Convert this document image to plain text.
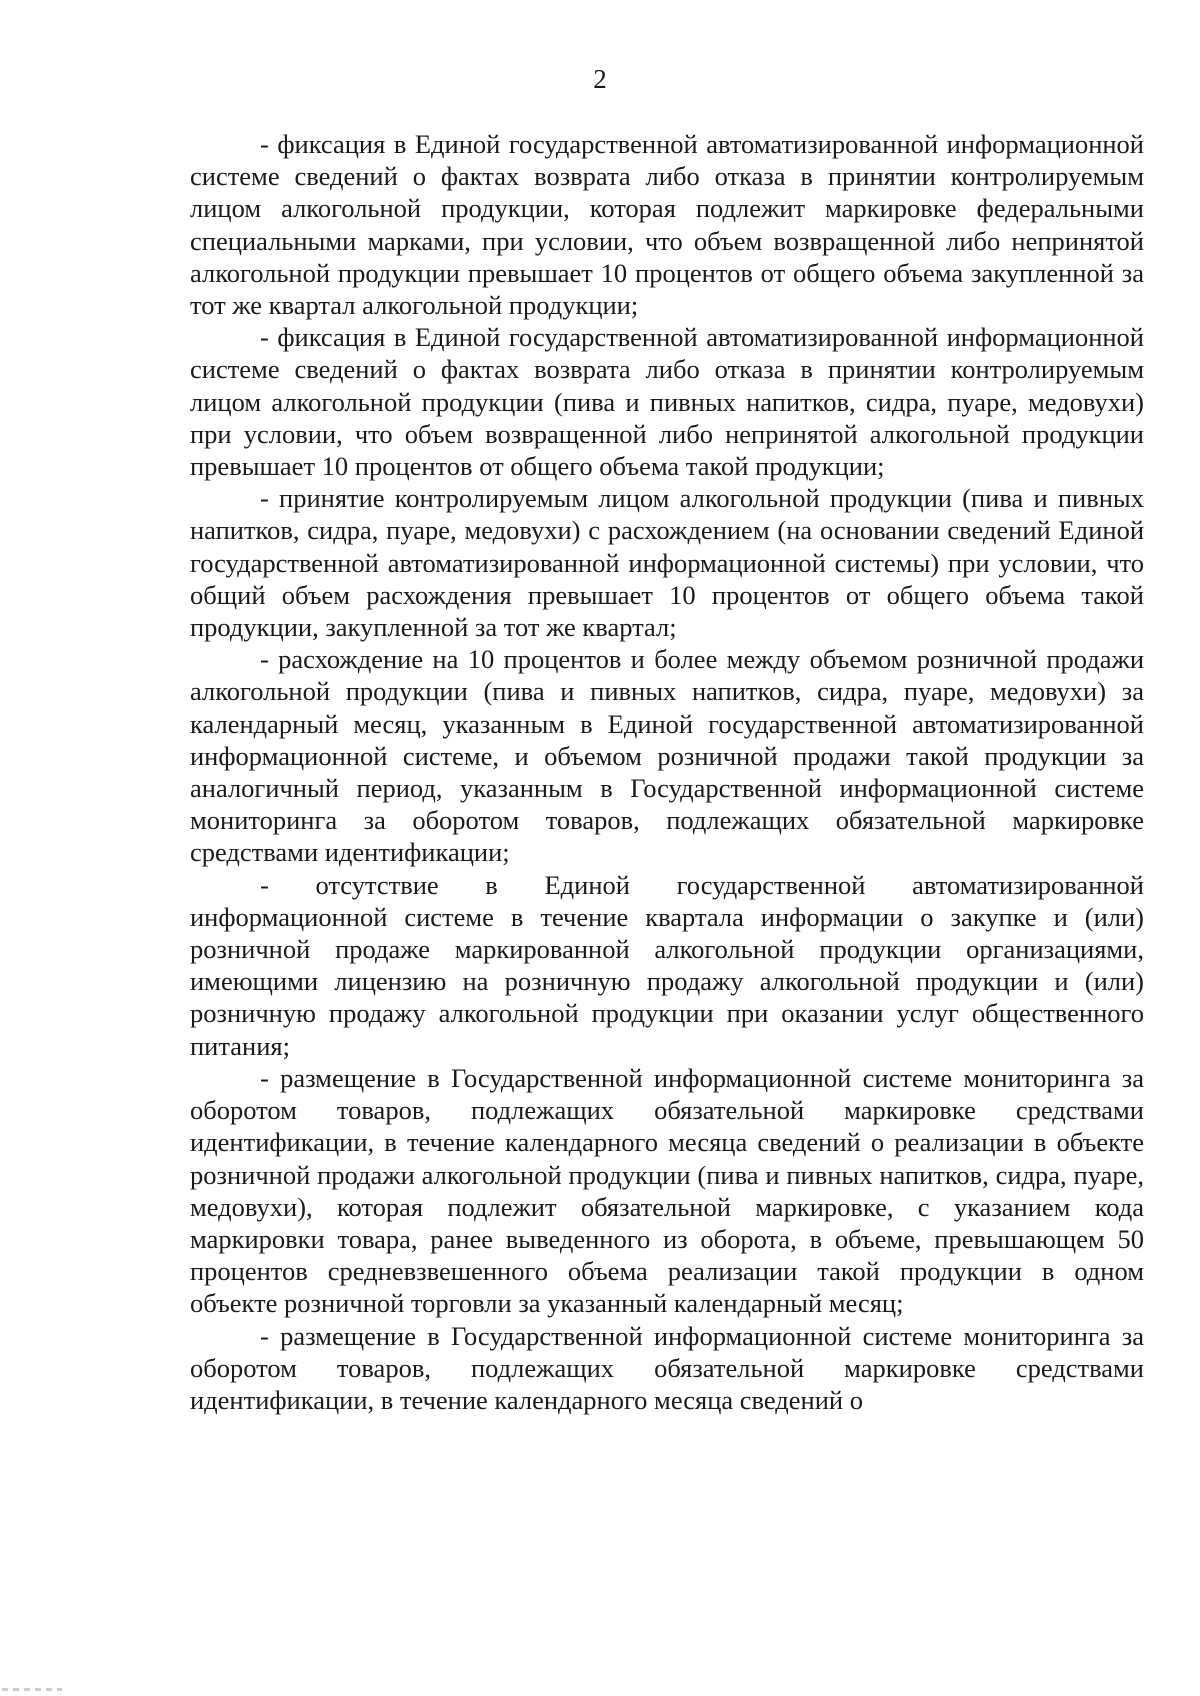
2

- фиксация в Единой государственной автоматизированной информационной системе сведений о фактах возврата либо отказа в принятии контролируемым лицом алкогольной продукции, которая подлежит маркировке федеральными специальными марками, при условии, что объем возвращенной либо непринятой алкогольной продукции превышает 10 процентов от общего объема закупленной за тот же квартал алкогольной продукции;

- фиксация в Единой государственной автоматизированной информационной системе сведений о фактах возврата либо отказа в принятии контролируемым лицом алкогольной продукции (пива и пивных напитков, сидра, пуаре, медовухи) при условии, что объем возвращенной либо непринятой алкогольной продукции превышает 10 процентов от общего объема такой продукции;

- принятие контролируемым лицом алкогольной продукции (пива и пивных напитков, сидра, пуаре, медовухи) с расхождением (на основании сведений Единой государственной автоматизированной информационной системы) при условии, что общий объем расхождения превышает 10 процентов от общего объема такой продукции, закупленной за тот же квартал;

- расхождение на 10 процентов и более между объемом розничной продажи алкогольной продукции (пива и пивных напитков, сидра, пуаре, медовухи) за календарный месяц, указанным в Единой государственной автоматизированной информационной системе, и объемом розничной продажи такой продукции за аналогичный период, указанным в Государственной информационной системе мониторинга за оборотом товаров, подлежащих обязательной маркировке средствами идентификации;

- отсутствие в Единой государственной автоматизированной информационной системе в течение квартала информации о закупке и (или) розничной продаже маркированной алкогольной продукции организациями, имеющими лицензию на розничную продажу алкогольной продукции и (или) розничную продажу алкогольной продукции при оказании услуг общественного питания;

- размещение в Государственной информационной системе мониторинга за оборотом товаров, подлежащих обязательной маркировке средствами идентификации, в течение календарного месяца сведений о реализации в объекте розничной продажи алкогольной продукции (пива и пивных напитков, сидра, пуаре, медовухи), которая подлежит обязательной маркировке, с указанием кода маркировки товара, ранее выведенного из оборота, в объеме, превышающем 50 процентов средневзвешенного объема реализации такой продукции в одном объекте розничной торговли за указанный календарный месяц;

- размещение в Государственной информационной системе мониторинга за оборотом товаров, подлежащих обязательной маркировке средствами идентификации, в течение календарного месяца сведений о
